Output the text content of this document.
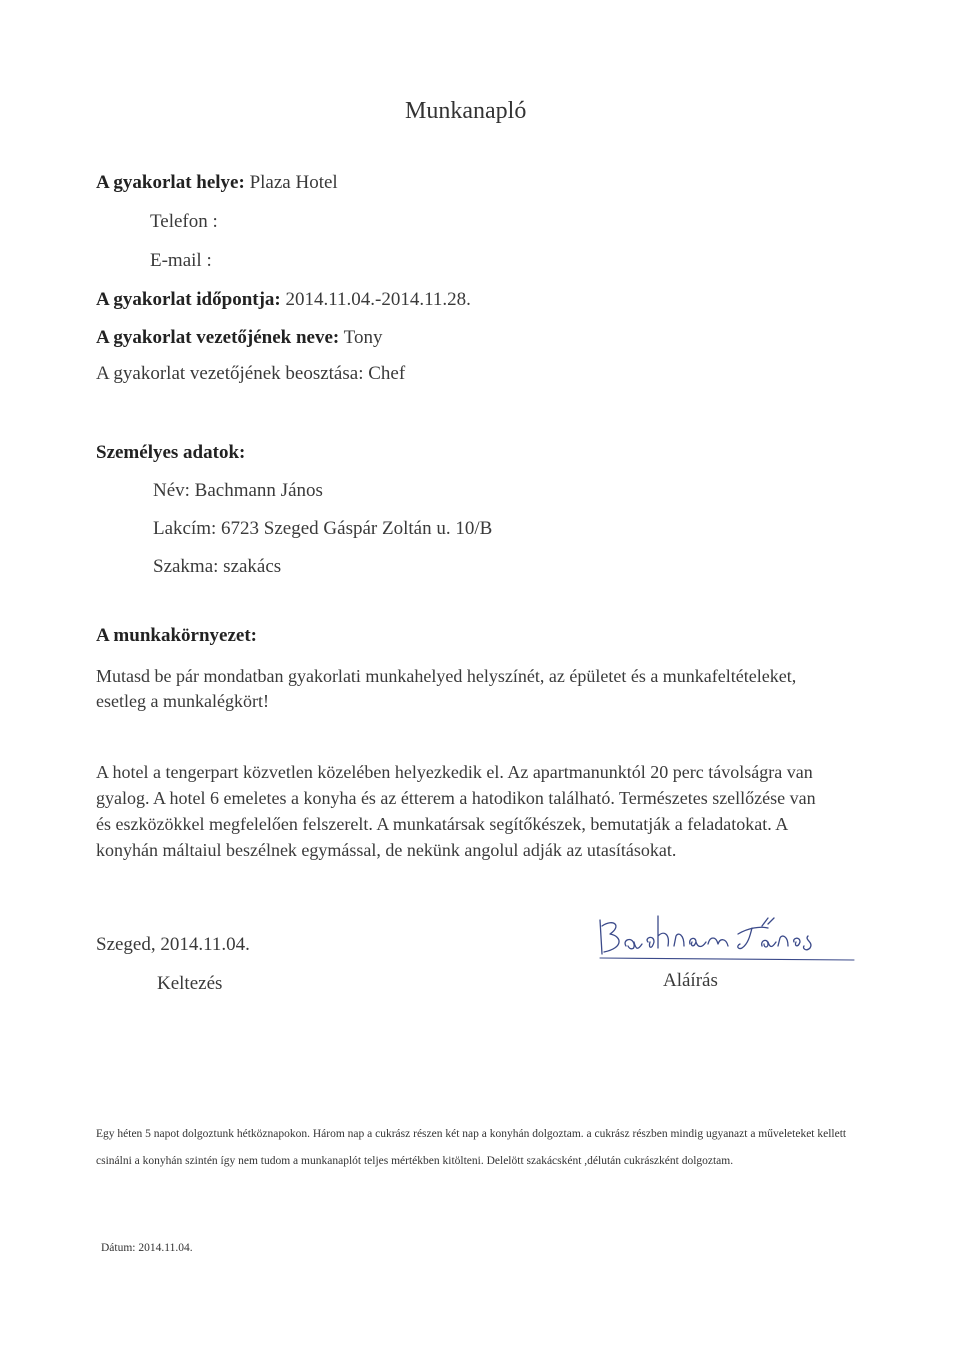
Munkanapló
A gyakorlat helye: Plaza Hotel
Telefon :
E-mail :
A gyakorlat időpontja: 2014.11.04.-2014.11.28.
A gyakorlat vezetőjének neve: Tony
A gyakorlat vezetőjének beosztása: Chef
Személyes adatok:
Név: Bachmann János
Lakcím: 6723 Szeged Gáspár Zoltán u. 10/B
Szakma: szakács
A munkakörnyezet:
Mutasd be pár mondatban gyakorlati munkahelyed helyszínét, az épületet és a munkafeltételeket, esetleg a munkalégkört!
A hotel a tengerpart közvetlen közelében helyezkedik el. Az apartmanunktól 20 perc távolságra van gyalog. A hotel 6 emeletes a konyha és az étterem a hatodikon található. Természetes szellőzése van és eszközökkel megfelelően felszerelt. A munkatársak segítőkészek, bemutatják a feladatokat. A konyhán máltaiul beszélnek egymással, de nekünk angolul adják az utasításokat.
Szeged, 2014.11.04.
Keltezés	Aláírás
Egy héten 5 napot dolgoztunk hétköznapokon. Három nap a cukrász részen két nap a konyhán dolgoztam. a cukrász részben mindig ugyanazt a műveleteket kellett csinálni a konyhán szintén így nem tudom a munkanaplót teljes mértékben kitölteni. Delelött szakácsként ,délután cukrászként dolgoztam.
Dátum: 2014.11.04.
